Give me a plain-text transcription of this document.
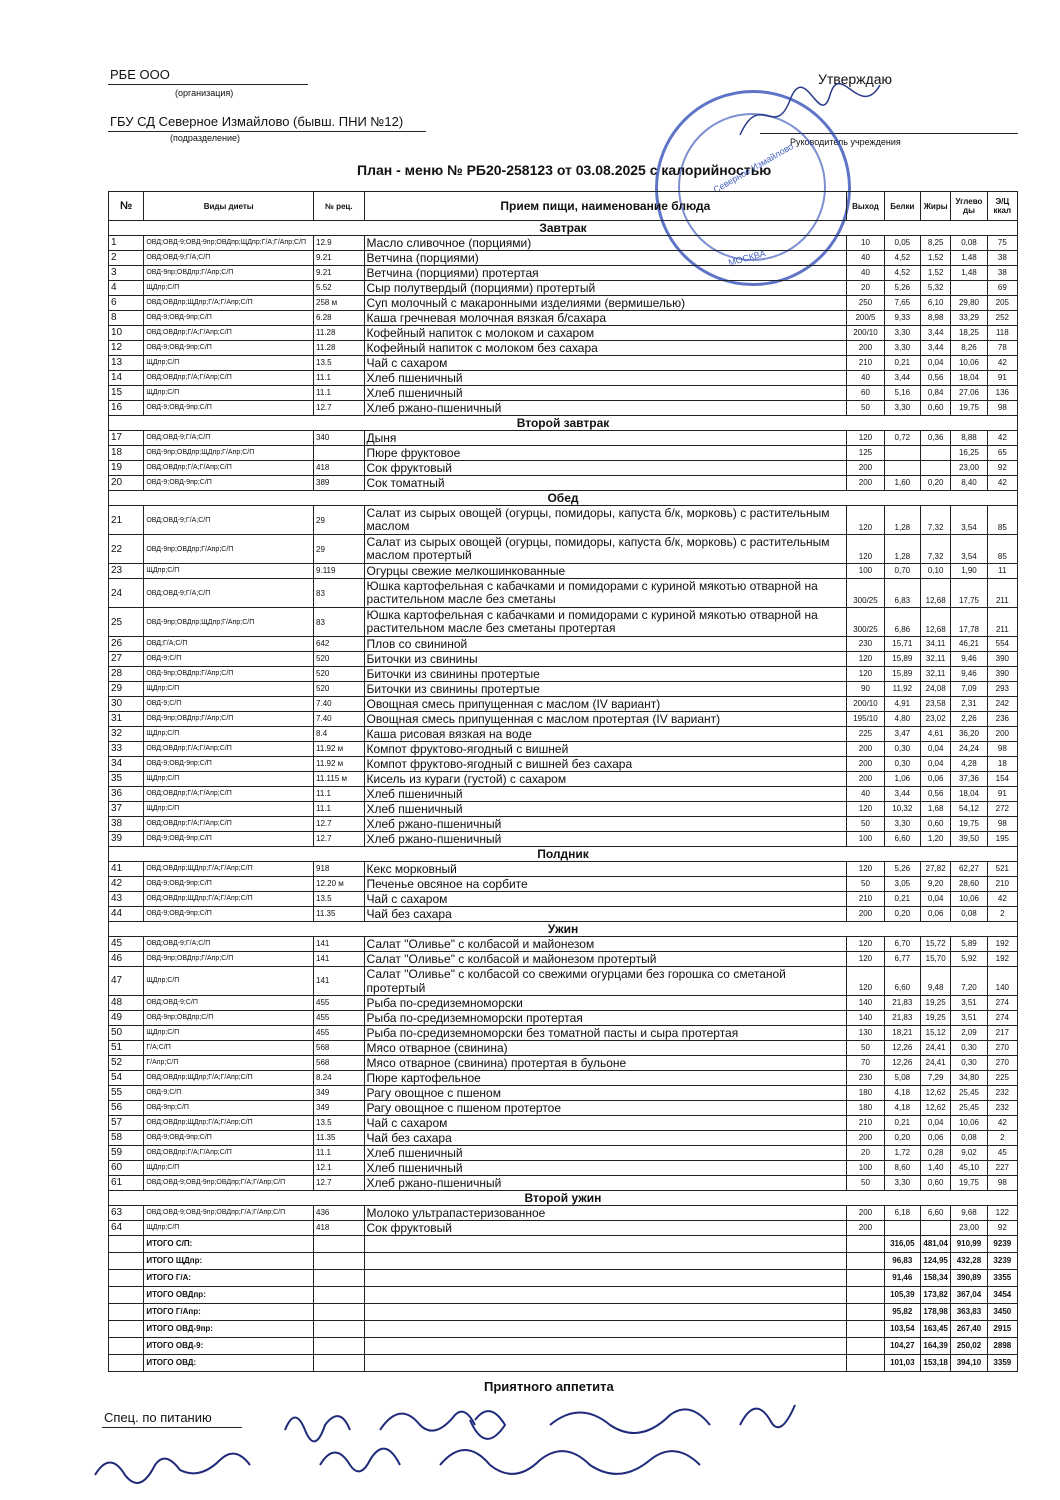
РБЕ ООО
(организация)
Утверждаю
ГБУ СД Северное Измайлово (бывш. ПНИ №12)
(подразделение)	Руководитель учреждения
План - меню № РБ20-258123 от 03.08.2025 с калорийностью
Северное Измайлово
МОСКВА
№	Виды диеты	№ рец.	Прием пищи, наименование блюда	Выход	Белки	Жиры	Углево ды	Э/Ц ккал
Завтрак								
1	ОВД;ОВД-9;ОВД-9пр;ОВДпр;ЩДпр;Г/А;Г/Апр;С/П	12.9	Масло сливочное (порциями)	10	0,05	8,25	0,08	75
2	ОВД;ОВД-9;Г/А;С/П	9.21	Ветчина (порциями)	40	4,52	1,52	1,48	38
3	ОВД-9пр;ОВДпр;Г/Апр;С/П	9.21	Ветчина (порциями) протертая	40	4,52	1,52	1,48	38
4	ЩДпр;С/П	5.52	Сыр полутвердый (порциями) протертый	20	5,26	5,32		69
6	ОВД;ОВДпр;ЩДпр;Г/А;Г/Апр;С/П	258 м	Суп молочный с макаронными изделиями (вермишелью)	250	7,65	6,10	29,80	205
8	ОВД-9;ОВД-9пр;С/П	6.28	Каша гречневая молочная вязкая б/сахара	200/5	9,33	8,98	33,29	252
10	ОВД;ОВДпр;Г/А;Г/Апр;С/П	11.28	Кофейный напиток с молоком и сахаром	200/10	3,30	3,44	18,25	118
12	ОВД-9;ОВД-9пр;С/П	11.28	Кофейный напиток с молоком без сахара	200	3,30	3,44	8,26	78
13	ЩДпр;С/П	13.5	Чай с сахаром	210	0,21	0,04	10,06	42
14	ОВД;ОВДпр;Г/А;Г/Апр;С/П	11.1	Хлеб пшеничный	40	3,44	0,56	18,04	91
15	ЩДпр;С/П	11.1	Хлеб пшеничный	60	5,16	0,84	27,06	136
16	ОВД-9;ОВД-9пр;С/П	12.7	Хлеб ржано-пшеничный	50	3,30	0,60	19,75	98
Второй завтрак								
17	ОВД;ОВД-9;Г/А;С/П	340	Дыня	120	0,72	0,36	8,88	42
18	ОВД-9пр;ОВДпр;ЩДпр;Г/Апр;С/П		Пюре фруктовое	125			16,25	65
19	ОВД;ОВДпр;Г/А;Г/Апр;С/П	418	Сок фруктовый	200			23,00	92
20	ОВД-9;ОВД-9пр;С/П	389	Сок томатный	200	1,60	0,20	8,40	42
Обед								
21	ОВД;ОВД-9;Г/А;С/П	29	Салат из сырых овощей (огурцы, помидоры, капуста б/к, морковь) с растительным маслом	120	1,28	7,32	3,54	85
22	ОВД-9пр;ОВДпр;Г/Апр;С/П	29	Салат из сырых овощей (огурцы, помидоры, капуста б/к, морковь) с растительным маслом протертый	120	1,28	7,32	3,54	85
23	ЩДпр;С/П	9.119	Огурцы свежие мелкошинкованные	100	0,70	0,10	1,90	11
24	ОВД;ОВД-9;Г/А;С/П	83	Юшка картофельная с кабачками и помидорами с куриной мякотью отварной на растительном масле без сметаны	300/25	6,83	12,68	17,75	211
25	ОВД-9пр;ОВДпр;ЩДпр;Г/Апр;С/П	83	Юшка картофельная с кабачками и помидорами с куриной мякотью отварной на растительном масле без сметаны протертая	300/25	6,86	12,68	17,78	211
26	ОВД;Г/А;С/П	642	Плов со свининой	230	15,71	34,11	46,21	554
27	ОВД-9;С/П	520	Биточки из свинины	120	15,89	32,11	9,46	390
28	ОВД-9пр;ОВДпр;Г/Апр;С/П	520	Биточки из свинины протертые	120	15,89	32,11	9,46	390
29	ЩДпр;С/П	520	Биточки из свинины протертые	90	11,92	24,08	7,09	293
30	ОВД-9;С/П	7.40	Овощная смесь припущенная с маслом (IV вариант)	200/10	4,91	23,58	2,31	242
31	ОВД-9пр;ОВДпр;Г/Апр;С/П	7.40	Овощная смесь припущенная с маслом протертая (IV вариант)	195/10	4,80	23,02	2,26	236
32	ЩДпр;С/П	8.4	Каша рисовая вязкая на воде	225	3,47	4,61	36,20	200
33	ОВД;ОВДпр;Г/А;Г/Апр;С/П	11.92 м	Компот фруктово-ягодный с вишней	200	0,30	0,04	24,24	98
34	ОВД-9;ОВД-9пр;С/П	11.92 м	Компот фруктово-ягодный с вишней без сахара	200	0,30	0,04	4,28	18
35	ЩДпр;С/П	11.115 м	Кисель из кураги (густой) с сахаром	200	1,06	0,06	37,36	154
36	ОВД;ОВДпр;Г/А;Г/Апр;С/П	11.1	Хлеб пшеничный	40	3,44	0,56	18,04	91
37	ЩДпр;С/П	11.1	Хлеб пшеничный	120	10,32	1,68	54,12	272
38	ОВД;ОВДпр;Г/А;Г/Апр;С/П	12.7	Хлеб ржано-пшеничный	50	3,30	0,60	19,75	98
39	ОВД-9;ОВД-9пр;С/П	12.7	Хлеб ржано-пшеничный	100	6,60	1,20	39,50	195
Полдник								
41	ОВД;ОВДпр;ЩДпр;Г/А;Г/Апр;С/П	918	Кекс морковный	120	5,26	27,82	62,27	521
42	ОВД-9;ОВД-9пр;С/П	12.20 м	Печенье овсяное на сорбите	50	3,05	9,20	28,60	210
43	ОВД;ОВДпр;ЩДпр;Г/А;Г/Апр;С/П	13.5	Чай с сахаром	210	0,21	0,04	10,06	42
44	ОВД-9;ОВД-9пр;С/П	11.35	Чай без сахара	200	0,20	0,06	0,08	2
Ужин								
45	ОВД;ОВД-9;Г/А;С/П	141	Салат "Оливье" с колбасой и майонезом	120	6,70	15,72	5,89	192
46	ОВД-9пр;ОВДпр;Г/Апр;С/П	141	Салат "Оливье" с колбасой и майонезом протертый	120	6,77	15,70	5,92	192
47	ЩДпр;С/П	141	Салат "Оливье" с колбасой со свежими огурцами без горошка со сметаной протертый	120	6,60	9,48	7,20	140
48	ОВД;ОВД-9;С/П	455	Рыба по-средиземноморски	140	21,83	19,25	3,51	274
49	ОВД-9пр;ОВДпр;С/П	455	Рыба по-средиземноморски протертая	140	21,83	19,25	3,51	274
50	ЩДпр;С/П	455	Рыба по-средиземноморски без томатной пасты и сыра протертая	130	18,21	15,12	2,09	217
51	Г/А;С/П	568	Мясо отварное (свинина)	50	12,26	24,41	0,30	270
52	Г/Апр;С/П	568	Мясо отварное (свинина) протертая в бульоне	70	12,26	24,41	0,30	270
54	ОВД;ОВДпр;ЩДпр;Г/А;Г/Апр;С/П	8.24	Пюре картофельное	230	5,08	7,29	34,80	225
55	ОВД-9;С/П	349	Рагу овощное с пшеном	180	4,18	12,62	25,45	232
56	ОВД-9пр;С/П	349	Рагу овощное с пшеном протертое	180	4,18	12,62	25,45	232
57	ОВД;ОВДпр;ЩДпр;Г/А;Г/Апр;С/П	13.5	Чай с сахаром	210	0,21	0,04	10,06	42
58	ОВД-9;ОВД-9пр;С/П	11.35	Чай без сахара	200	0,20	0,06	0,08	2
59	ОВД;ОВДпр;Г/А;Г/Апр;С/П	11.1	Хлеб пшеничный	20	1,72	0,28	9,02	45
60	ЩДпр;С/П	12.1	Хлеб пшеничный	100	8,60	1,40	45,10	227
61	ОВД;ОВД-9;ОВД-9пр;ОВДпр;Г/А;Г/Апр;С/П	12.7	Хлеб ржано-пшеничный	50	3,30	0,60	19,75	98
Второй ужин								
63	ОВД;ОВД-9;ОВД-9пр;ОВДпр;Г/А;Г/Апр;С/П	436	Молоко ультрапастеризованное	200	6,18	6,60	9,68	122
64	ЩДпр;С/П	418	Сок фруктовый	200			23,00	92
	ИТОГО С/П:				316,05	481,04	910,99	9239
	ИТОГО ЩДпр:				96,83	124,95	432,28	3239
	ИТОГО Г/А:				91,46	158,34	390,89	3355
	ИТОГО ОВДпр:				105,39	173,82	367,04	3454
	ИТОГО Г/Апр:				95,82	178,98	363,83	3450
	ИТОГО ОВД-9пр:				103,54	163,45	267,40	2915
	ИТОГО ОВД-9:				104,27	164,39	250,02	2898
	ИТОГО ОВД:				101,03	153,18	394,10	3359
Приятного аппетита
Спец. по питанию
